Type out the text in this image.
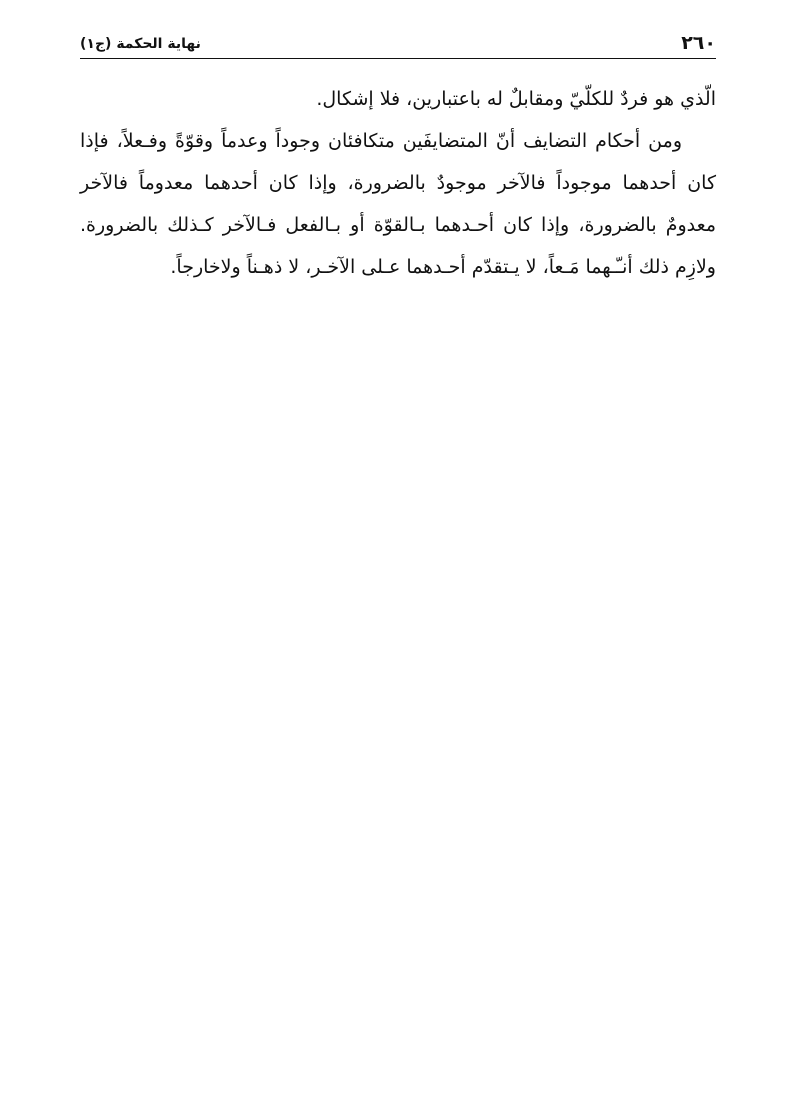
٢٦٠
نهاية الحكمة (ج١)

الّذي هو فردٌ للكلّيّ ومقابلٌ له باعتبارين، فلا إشكال.

ومن أحكام التضايف أنّ المتضايفَين متكافئان وجوداً وعدماً وقوّةً وفـعلاً، فإذا كان أحدهما موجوداً فالآخر موجودٌ بالضرورة، وإذا كان أحدهما معدوماً فالآخر معدومٌ بالضرورة، وإذا كان أحـدهما بـالقوّة أو بـالفعل فـالآخر كـذلك بالضرورة. ولازِم ذلك أنـّـهما مَـعاً، لا يـتقدّم أحـدهما عـلى الآخـر، لا ذهـناً ولاخارجاً.
